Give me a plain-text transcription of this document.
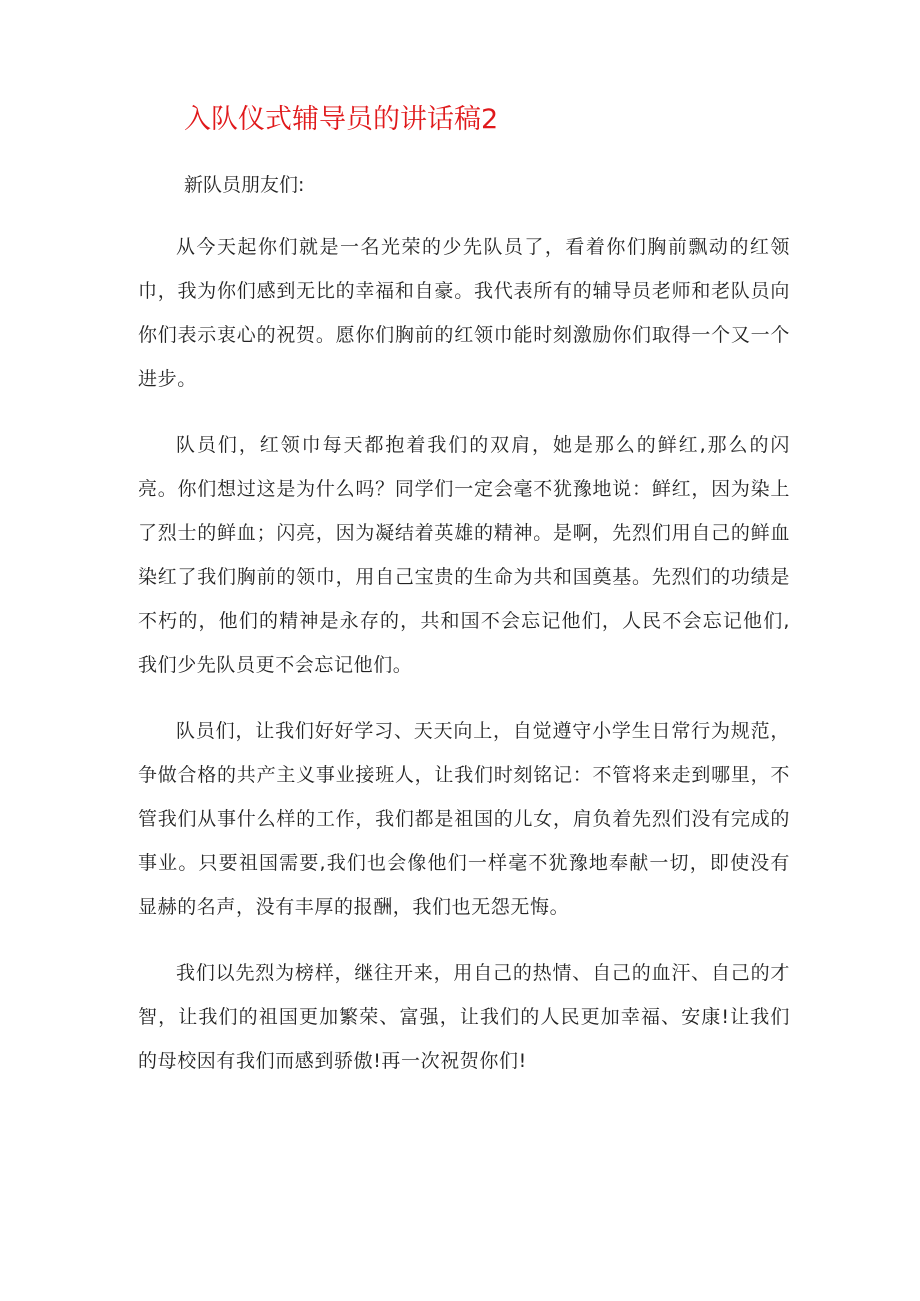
入队仪式辅导员的讲话稿2
新队员朋友们:

从今天起你们就是一名光荣的少先队员了，看着你们胸前飘动的红领巾，我为你们感到无比的幸福和自豪。我代表所有的辅导员老师和老队员向你们表示衷心的祝贺。愿你们胸前的红领巾能时刻激励你们取得一个又一个进步。

队员们，红领巾每天都抱着我们的双肩，她是那么的鲜红,那么的闪亮。你们想过这是为什么吗？同学们一定会毫不犹豫地说：鲜红，因为染上了烈士的鲜血；闪亮，因为凝结着英雄的精神。是啊，先烈们用自己的鲜血染红了我们胸前的领巾，用自己宝贵的生命为共和国奠基。先烈们的功绩是不朽的，他们的精神是永存的，共和国不会忘记他们，人民不会忘记他们,我们少先队员更不会忘记他们。

队员们，让我们好好学习、天天向上，自觉遵守小学生日常行为规范，争做合格的共产主义事业接班人，让我们时刻铭记：不管将来走到哪里，不管我们从事什么样的工作，我们都是祖国的儿女，肩负着先烈们没有完成的事业。只要祖国需要,我们也会像他们一样毫不犹豫地奉献一切，即使没有显赫的名声，没有丰厚的报酬，我们也无怨无悔。

我们以先烈为榜样，继往开来，用自己的热情、自己的血汗、自己的才智，让我们的祖国更加繁荣、富强，让我们的人民更加幸福、安康!让我们的母校因有我们而感到骄傲!再一次祝贺你们!
